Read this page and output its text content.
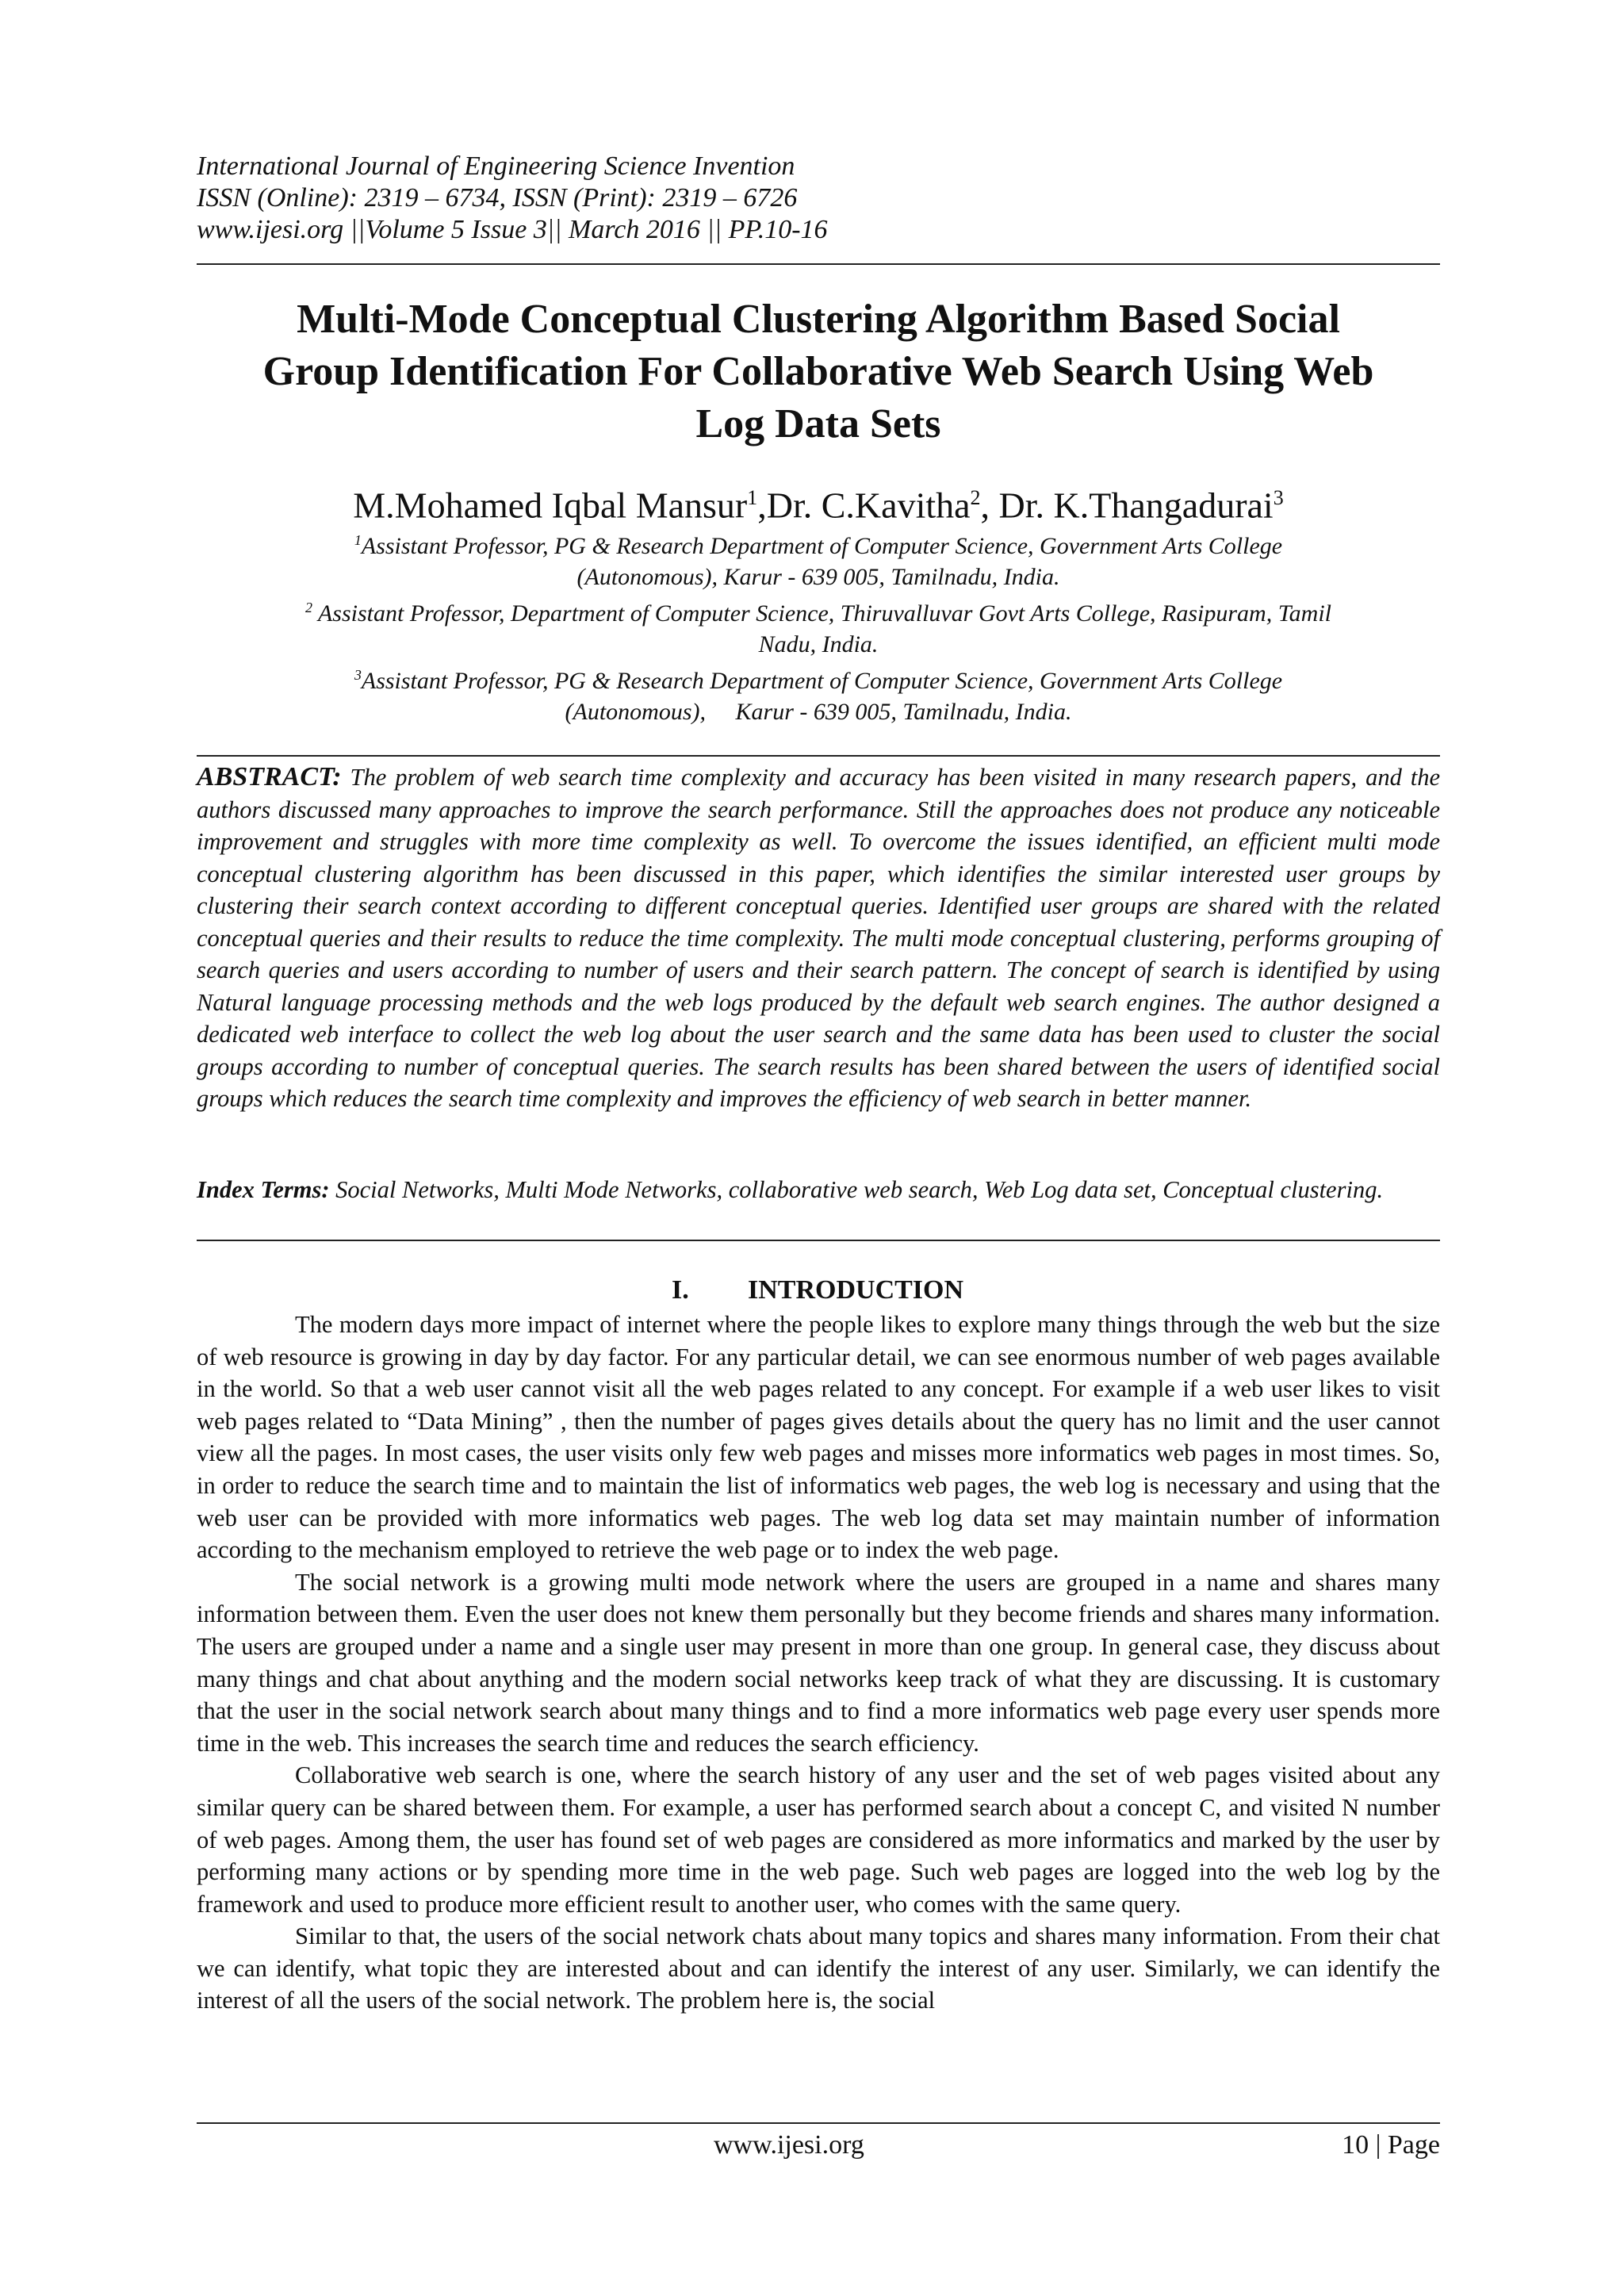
International Journal of Engineering Science Invention
ISSN (Online): 2319 – 6734, ISSN (Print): 2319 – 6726
www.ijesi.org ||Volume 5 Issue 3|| March 2016 || PP.10-16
Multi-Mode Conceptual Clustering Algorithm Based Social
Group Identification For Collaborative Web Search Using Web
Log Data Sets
M.Mohamed Iqbal Mansur$^1$,Dr. C.Kavitha$^2$, Dr. K.Thangadurai$^3$
$^1$Assistant Professor, PG & Research Department of Computer Science, Government Arts College
(Autonomous), Karur - 639 005, Tamilnadu, India.
$^2$ Assistant Professor, Department of Computer Science, Thiruvalluvar Govt Arts College, Rasipuram, Tamil
Nadu, India.
$^3$Assistant Professor, PG & Research Department of Computer Science, Government Arts College
(Autonomous),     Karur - 639 005, Tamilnadu, India.
ABSTRACT: The problem of web search time complexity and accuracy has been visited in many research papers, and the authors discussed many approaches to improve the search performance. Still the approaches does not produce any noticeable improvement and struggles with more time complexity as well. To overcome the issues identified, an efficient multi mode conceptual clustering algorithm has been discussed in this paper, which identifies the similar interested user groups by clustering their search context according to different conceptual queries. Identified user groups are shared with the related conceptual queries and their results to reduce the time complexity. The multi mode conceptual clustering, performs grouping of search queries and users according to number of users and their search pattern. The concept of search is identified by using Natural language processing methods and the web logs produced by the default web search engines. The author designed a dedicated web interface to collect the web log about the user search and the same data has been used to cluster the social groups according to number of conceptual queries. The search results has been shared between the users of identified social groups which reduces the search time complexity and improves the efficiency of web search in better manner.
Index Terms: Social Networks, Multi Mode Networks, collaborative web search, Web Log data set, Conceptual clustering.
I. INTRODUCTION

The modern days more impact of internet where the people likes to explore many things through the web but the size of web resource is growing in day by day factor. For any particular detail, we can see enormous number of web pages available in the world. So that a web user cannot visit all the web pages related to any concept. For example if a web user likes to visit web pages related to “Data Mining” , then the number of pages gives details about the query has no limit and the user cannot view all the pages. In most cases, the user visits only few web pages and misses more informatics web pages in most times. So, in order to reduce the search time and to maintain the list of informatics web pages, the web log is necessary and using that the web user can be provided with more informatics web pages. The web log data set may maintain number of information according to the mechanism employed to retrieve the web page or to index the web page.

The social network is a growing multi mode network where the users are grouped in a name and shares many information between them. Even the user does not knew them personally but they become friends and shares many information. The users are grouped under a name and a single user may present in more than one group. In general case, they discuss about many things and chat about anything and the modern social networks keep track of what they are discussing. It is customary that the user in the social network search about many things and to find a more informatics web page every user spends more time in the web. This increases the search time and reduces the search efficiency.

Collaborative web search is one, where the search history of any user and the set of web pages visited about any similar query can be shared between them. For example, a user has performed search about a concept C, and visited N number of web pages. Among them, the user has found set of web pages are considered as more informatics and marked by the user by performing many actions or by spending more time in the web page. Such web pages are logged into the web log by the framework and used to produce more efficient result to another user, who comes with the same query.

Similar to that, the users of the social network chats about many topics and shares many information. From their chat we can identify, what topic they are interested about and can identify the interest of any user. Similarly, we can identify the interest of all the users of the social network. The problem here is, the social

www.ijesi.org	10 | Page
